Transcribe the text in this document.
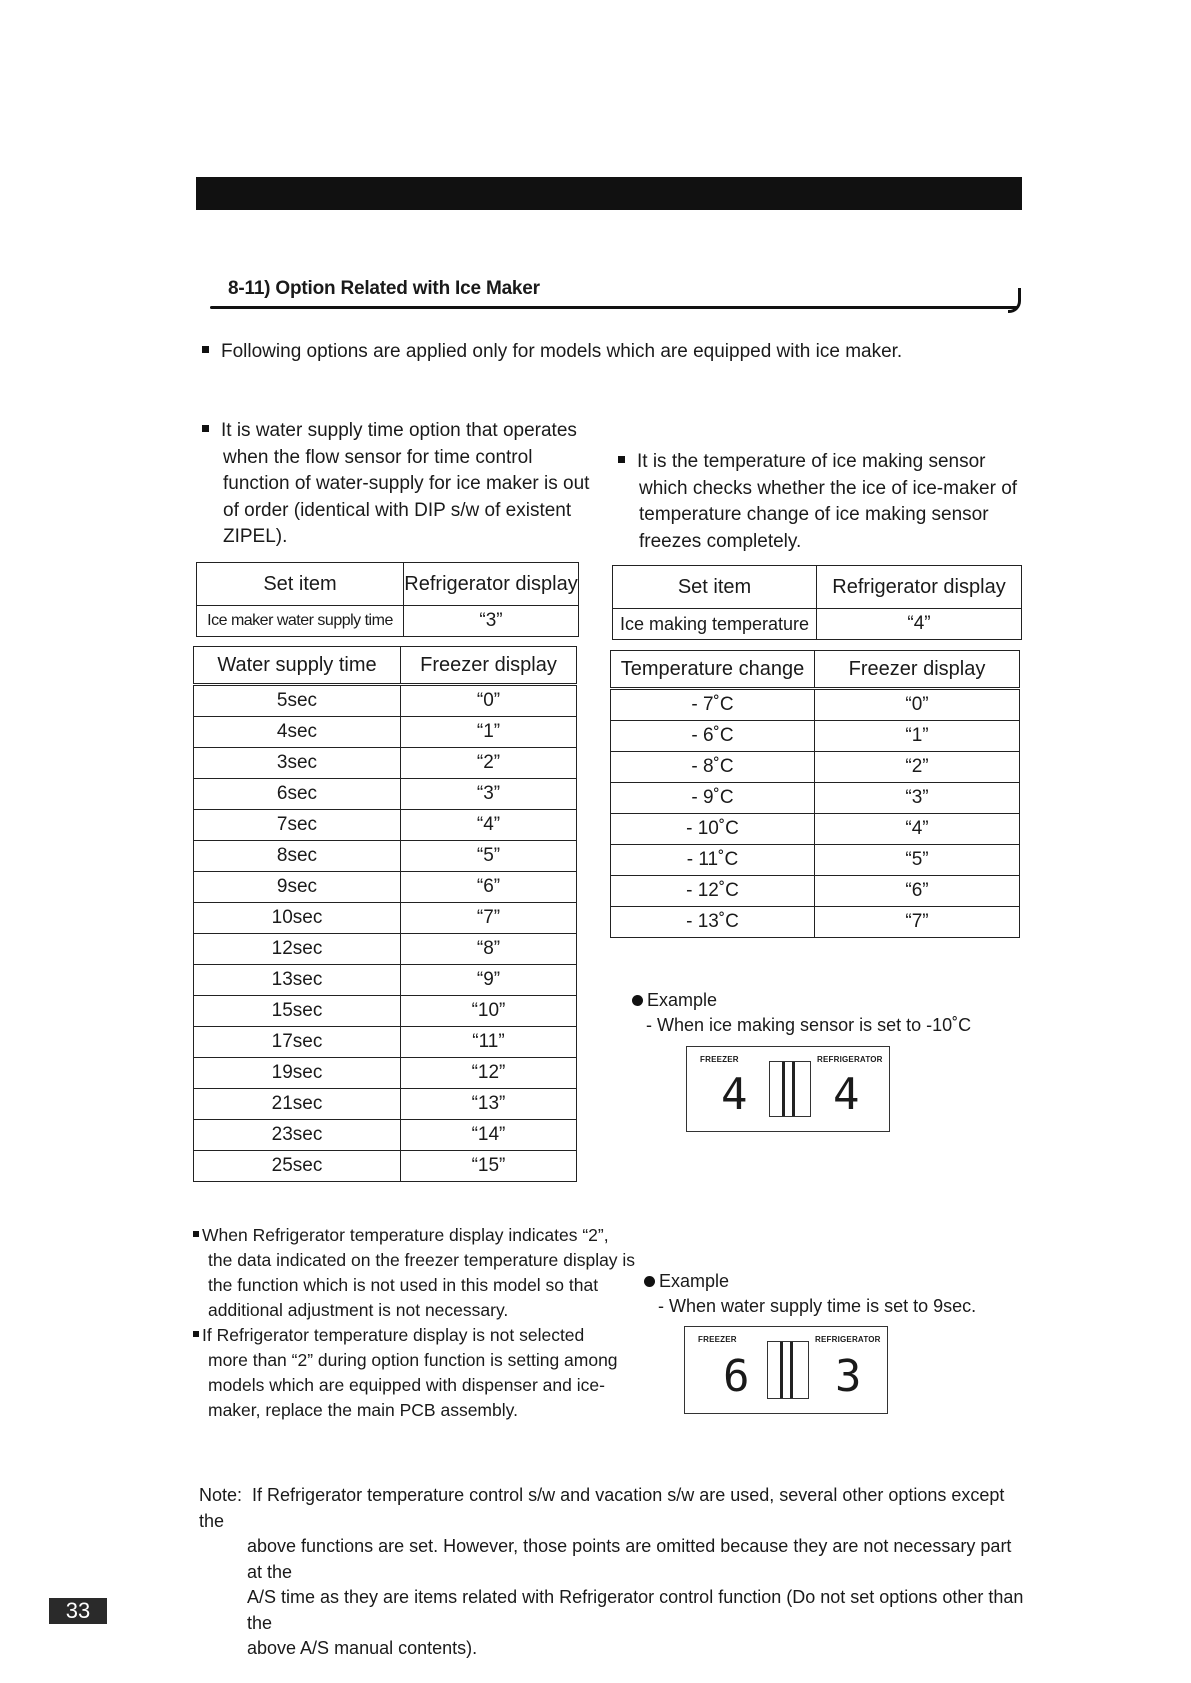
8-11) Option Related with Ice Maker
Following options are applied only for models which are equipped with ice maker.
It is water supply time option that operates
when the flow sensor for time control
function of water-supply for ice maker is out
of order (identical with DIP s/w of existent
ZIPEL).
It is the temperature of ice making sensor
which checks whether the ice of ice-maker of
temperature change of ice making sensor
freezes completely.
Set item	Refrigerator display
Ice maker water supply time	“3”
Water supply time	Freezer display
5sec	“0”
4sec	“1”
3sec	“2”
6sec	“3”
7sec	“4”
8sec	“5”
9sec	“6”
10sec	“7”
12sec	“8”
13sec	“9”
15sec	“10”
17sec	“11”
19sec	“12”
21sec	“13”
23sec	“14”
25sec	“15”
Set item	Refrigerator display
Ice making temperature	“4”
Temperature change	Freezer display
- 7˚C	“0”
- 6˚C	“1”
- 8˚C	“2”
- 9˚C	“3”
- 10˚C	“4”
- 11˚C	“5”
- 12˚C	“6”
- 13˚C	“7”
Example
- When ice making sensor is set to -10˚C
FREEZER	REFRIGERATOR
4 4
When Refrigerator temperature display indicates “2”,
the data indicated on the freezer temperature display is
the function which is not used in this model so that
additional adjustment is not necessary.
If Refrigerator temperature display is not selected
more than “2” during option function is setting among
models which are equipped with dispenser and ice-
maker, replace the main PCB assembly.
Example
- When water supply time is set to 9sec.
FREEZER	REFRIGERATOR
6 3
Note: If Refrigerator temperature control s/w and vacation s/w are used, several other options except the
above functions are set. However, those points are omitted because they are not necessary part at the
A/S time as they are items related with Refrigerator control function (Do not set options other than the
above A/S manual contents).
33
